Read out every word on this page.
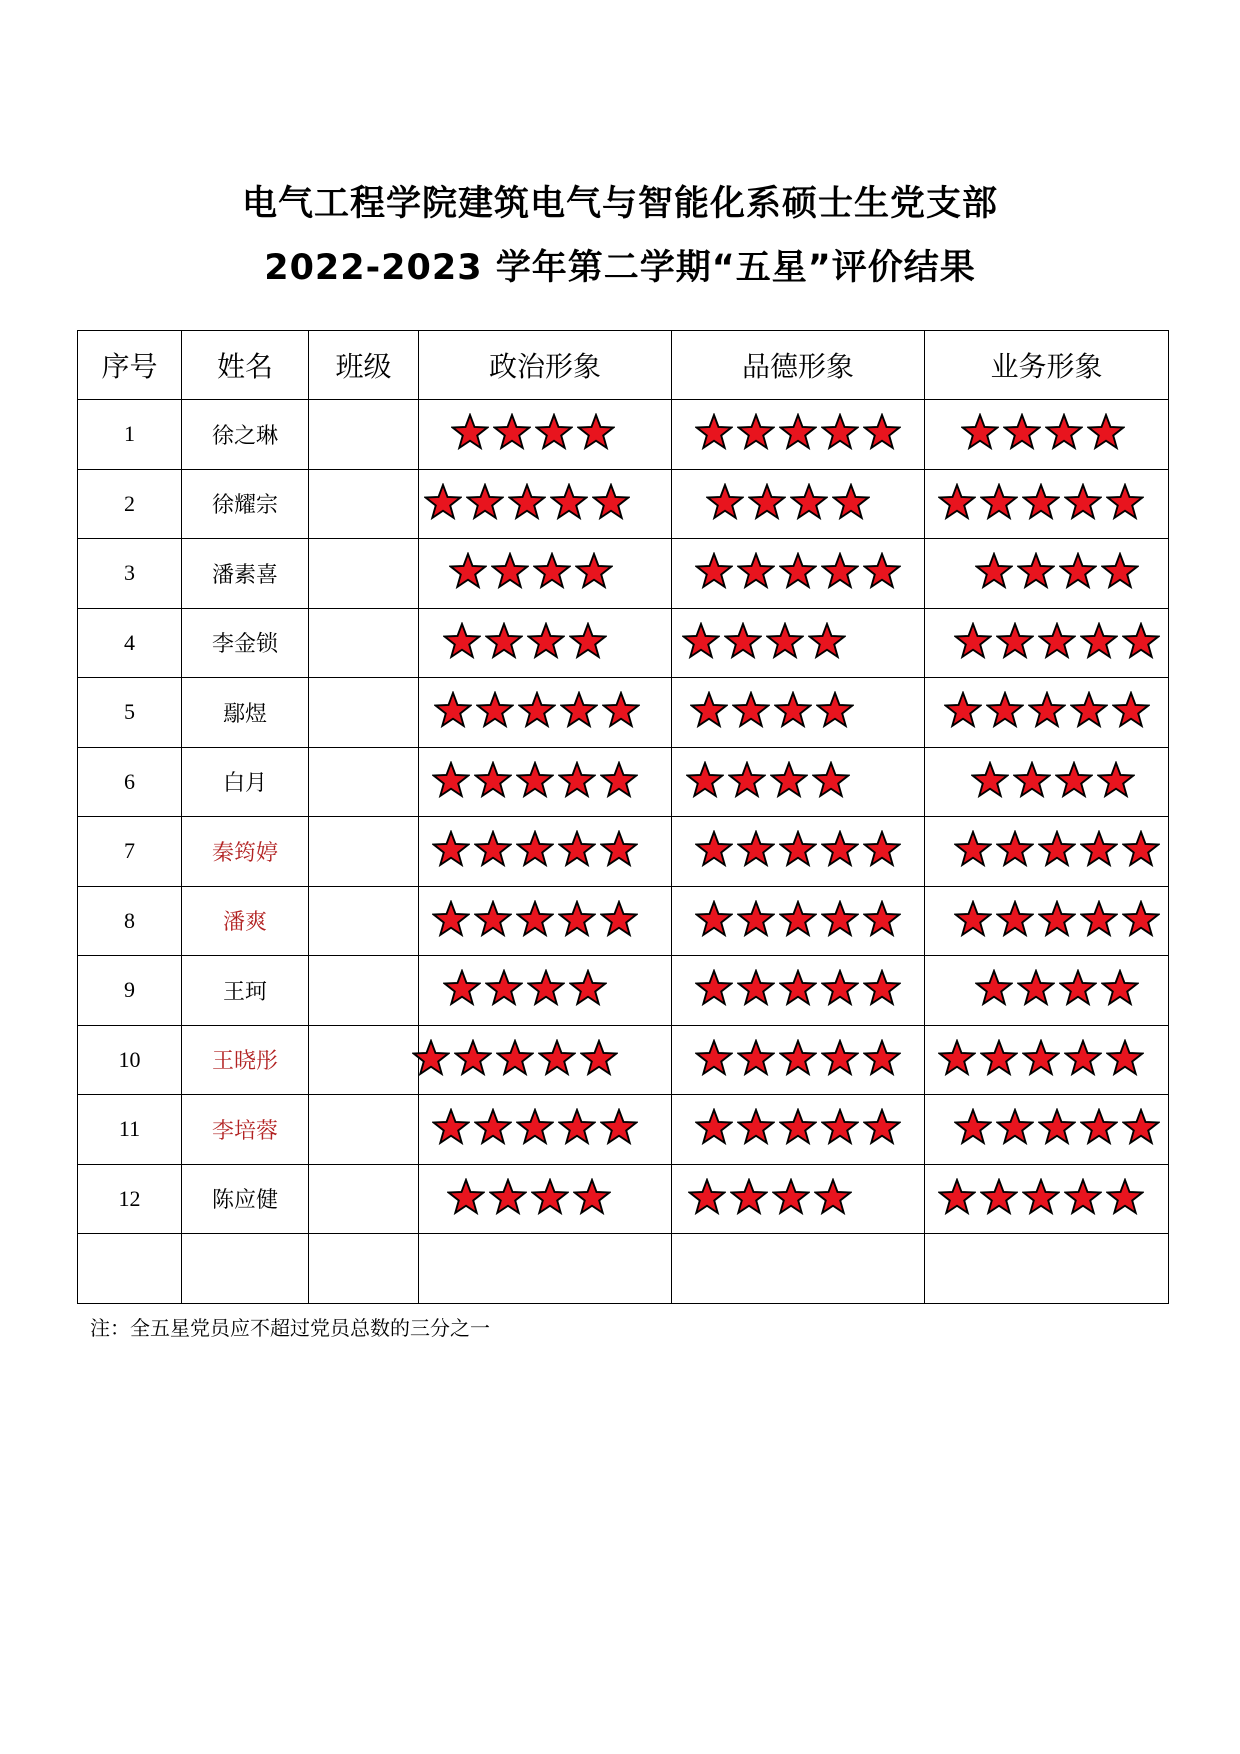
电气工程学院建筑电气与智能化系硕士生党支部
2022-2023 学年第二学期“五星”评价结果
序号	姓名	班级	政治形象	品德形象	业务形象
1	徐之琳		

2	徐耀宗		

3	潘素喜		

4	李金锁		

5	鄢煜		

6	白月		

7	秦筠婷		

8	潘爽		

9	王珂		

10	王晓彤		

11	李培蓉		

12	陈应健		

注：全五星党员应不超过党员总数的三分之一
